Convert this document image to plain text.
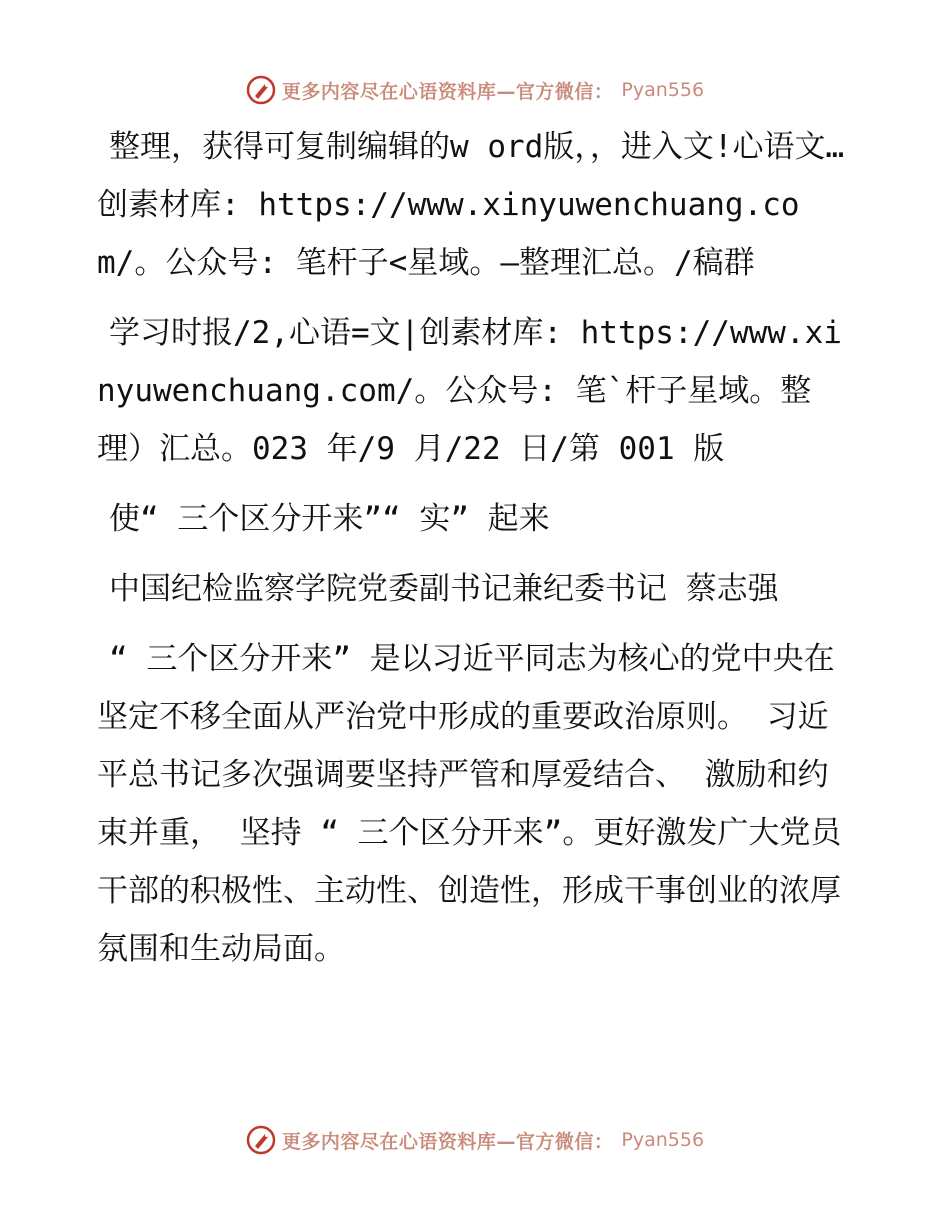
更多内容尽在心语资料库—官方微信： Pyan556

整理，获得可复制编辑的w ord版，，进入文!心语文…创素材库: https://www.xinyuwenchuang.com/。公众号: 笔杆子<星域。—整理汇总。/稿群

学习时报/2,心语=文|创素材库: https://www.xinyuwenchuang.com/。公众号: 笔`杆子星域。整理）汇总。023 年/9 月/22 日/第 001 版

使“ 三个区分开来”“ 实” 起来

中国纪检监察学院党委副书记兼纪委书记 蔡志强

“ 三个区分开来” 是以习近平同志为核心的党中央在坚定不移全面从严治党中形成的重要政治原则。 习近平总书记多次强调要坚持严管和厚爱结合、 激励和约束并重， 坚持 “ 三个区分开来”。更好激发广大党员干部的积极性、主动性、创造性，形成干事创业的浓厚氛围和生动局面。

更多内容尽在心语资料库—官方微信： Pyan556
